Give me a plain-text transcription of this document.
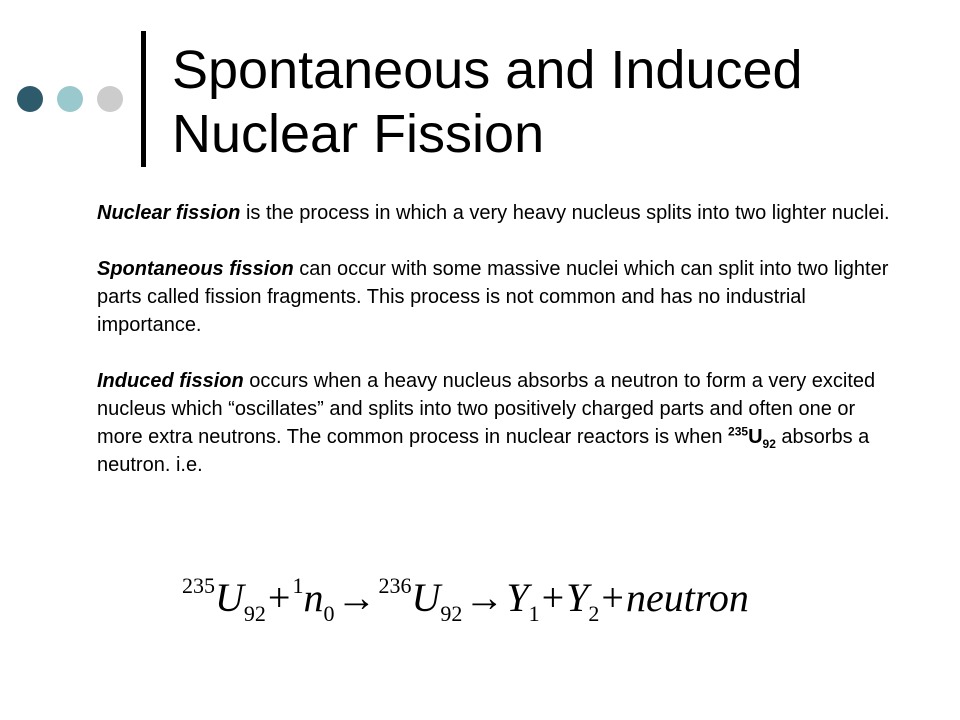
Spontaneous and Induced
Nuclear Fission

Nuclear fission is the process in which a very heavy nucleus splits into two lighter nuclei.

Spontaneous fission can occur with some massive nuclei which can split into two lighter parts called fission fragments. This process is not common and has no industrial importance.

Induced fission occurs when a heavy nucleus absorbs a neutron to form a very excited nucleus which “oscillates” and splits into two positively charged parts and often one or more extra neutrons. The common process in nuclear reactors is when $^{235}U_{92}$ absorbs a neutron. i.e.

$^{235}U_{92}+^1n_0\to^{236}U_{92}\to Y_1+Y_2+neutron$
